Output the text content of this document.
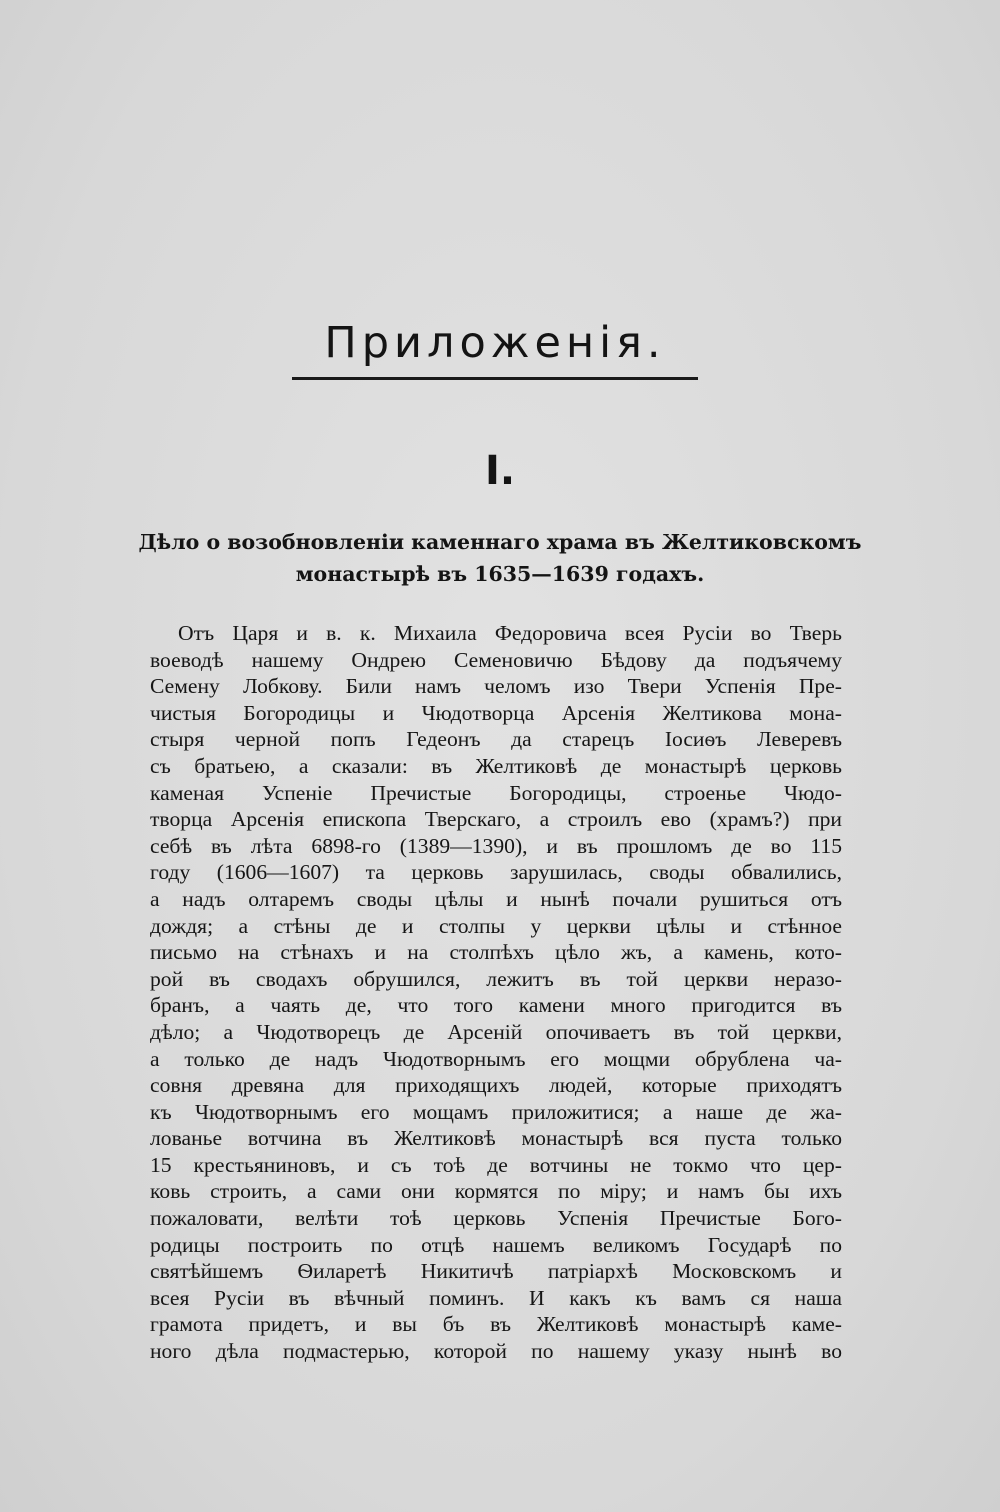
Приложенія.
I.
Дѣло о возобновленіи каменнаго храма въ Желтиковскомъ
монастырѣ въ 1635—1639 годахъ.
Отъ Царя и в. к. Михаила Федоровича всея Русіи во Тверь
воеводѣ нашему Ондрею Семеновичю Бѣдову да подъячему
Семену Лобкову. Били намъ челомъ изо Твери Успенія Пре-
чистыя Богородицы и Чюдотворца Арсенія Желтикова мона-
стыря черной попъ Гедеонъ да старецъ Іосиѳъ Леверевъ
съ братьею, а сказали: въ Желтиковѣ де монастырѣ церковь
каменая Успеніе Пречистые Богородицы, строенье Чюдо-
творца Арсенія епископа Тверскаго, а строилъ ево (храмъ?) при
себѣ въ лѣта 6898-го (1389—1390), и въ прошломъ де во 115
году (1606—1607) та церковь зарушилась, своды обвалились,
а надъ олтаремъ своды цѣлы и нынѣ почали рушиться отъ
дождя; а стѣны де и столпы у церкви цѣлы и стѣнное
письмо на стѣнахъ и на столпѣхъ цѣло жъ, а камень, кото-
рой въ сводахъ обрушился, лежитъ въ той церкви неразо-
бранъ, а чаять де, что того камени много пригодится въ
дѣло; а Чюдотворецъ де Арсеній опочиваетъ въ той церкви,
а только де надъ Чюдотворнымъ его мощми обрублена ча-
совня древяна для приходящихъ людей, которые приходятъ
къ Чюдотворнымъ его мощамъ приложитися; а наше де жа-
лованье вотчина въ Желтиковѣ монастырѣ вся пуста только
15 крестьяниновъ, и съ тоѣ де вотчины не токмо что цер-
ковь строить, а сами они кормятся по міру; и намъ бы ихъ
пожаловати, велѣти тоѣ церковь Успенія Пречистые Бого-
родицы построить по отцѣ нашемъ великомъ Государѣ по
святѣйшемъ Ѳиларетѣ Никитичѣ патріархѣ Московскомъ и
всея Русіи въ вѣчный поминъ. И какъ къ вамъ ся наша
грамота придетъ, и вы бъ въ Желтиковѣ монастырѣ каме-
ного дѣла подмастерью, которой по нашему указу нынѣ во
